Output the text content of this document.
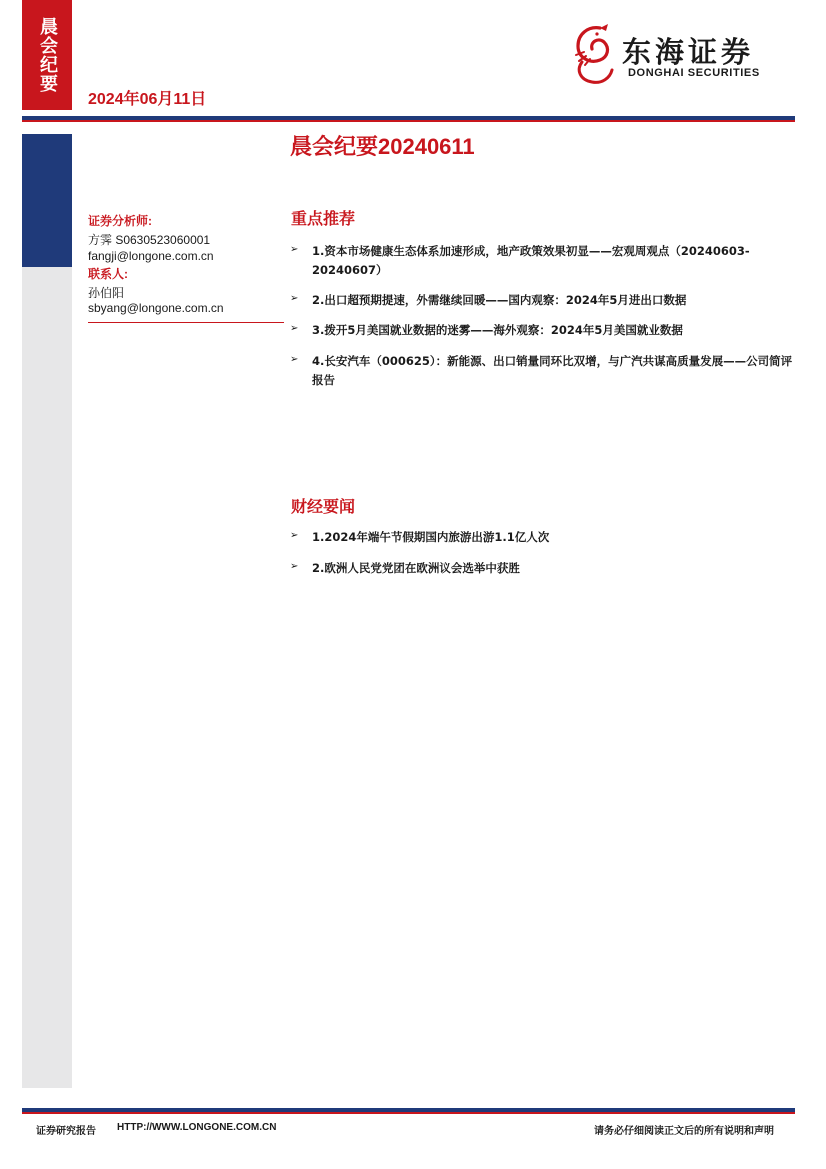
晨会纪要
2024年06月11日
东海证券
DONGHAI SECURITIES
晨会纪要20240611
证券分析师:
方霁 S0630523060001
fangji@longone.com.cn
联系人:
孙伯阳
sbyang@longone.com.cn
重点推荐
➢	1.资本市场健康生态体系加速形成，地产政策效果初显——宏观周观点（20240603-20240607）
➢	2.出口超预期提速，外需继续回暖——国内观察：2024年5月进出口数据
➢	3.拨开5月美国就业数据的迷雾——海外观察：2024年5月美国就业数据
➢	4.长安汽车（000625）：新能源、出口销量同环比双增，与广汽共谋高质量发展——公司简评报告
财经要闻
➢	1.2024年端午节假期国内旅游出游1.1亿人次
➢	2.欧洲人民党党团在欧洲议会选举中获胜
证券研究报告 HTTP://WWW.LONGONE.COM.CN	请务必仔细阅读正文后的所有说明和声明
